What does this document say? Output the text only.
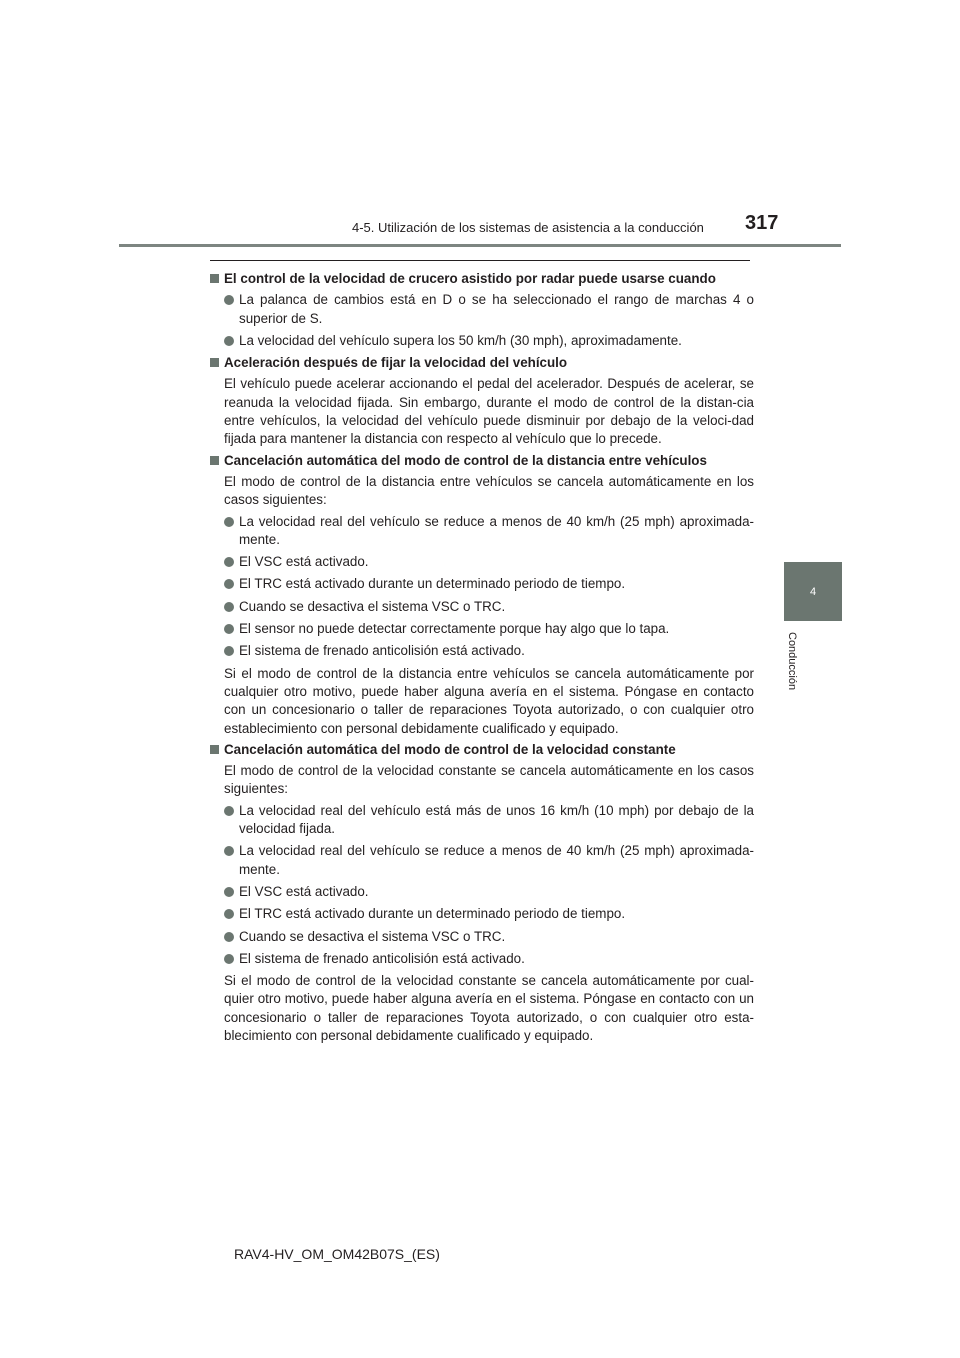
4-5. Utilización de los sistemas de asistencia a la conducción 317
4
Conducción
El control de la velocidad de crucero asistido por radar puede usarse cuando
La palanca de cambios está en D o se ha seleccionado el rango de marchas 4 o superior de S.
La velocidad del vehículo supera los 50 km/h (30 mph), aproximadamente.
Aceleración después de fijar la velocidad del vehículo
El vehículo puede acelerar accionando el pedal del acelerador. Después de acelerar, se reanuda la velocidad fijada. Sin embargo, durante el modo de control de la distan-cia entre vehículos, la velocidad del vehículo puede disminuir por debajo de la veloci-dad fijada para mantener la distancia con respecto al vehículo que lo precede.
Cancelación automática del modo de control de la distancia entre vehículos
El modo de control de la distancia entre vehículos se cancela automáticamente en los casos siguientes:
La velocidad real del vehículo se reduce a menos de 40 km/h (25 mph) aproximada-mente.
El VSC está activado.
El TRC está activado durante un determinado periodo de tiempo.
Cuando se desactiva el sistema VSC o TRC.
El sensor no puede detectar correctamente porque hay algo que lo tapa.
El sistema de frenado anticolisión está activado.
Si el modo de control de la distancia entre vehículos se cancela automáticamente por cualquier otro motivo, puede haber alguna avería en el sistema. Póngase en contacto con un concesionario o taller de reparaciones Toyota autorizado, o con cualquier otro establecimiento con personal debidamente cualificado y equipado.
Cancelación automática del modo de control de la velocidad constante
El modo de control de la velocidad constante se cancela automáticamente en los casos siguientes:
La velocidad real del vehículo está más de unos 16 km/h (10 mph) por debajo de la velocidad fijada.
La velocidad real del vehículo se reduce a menos de 40 km/h (25 mph) aproximada-mente.
El VSC está activado.
El TRC está activado durante un determinado periodo de tiempo.
Cuando se desactiva el sistema VSC o TRC.
El sistema de frenado anticolisión está activado.
Si el modo de control de la velocidad constante se cancela automáticamente por cual-quier otro motivo, puede haber alguna avería en el sistema. Póngase en contacto con un concesionario o taller de reparaciones Toyota autorizado, o con cualquier otro esta-blecimiento con personal debidamente cualificado y equipado.
RAV4-HV_OM_OM42B07S_(ES)
